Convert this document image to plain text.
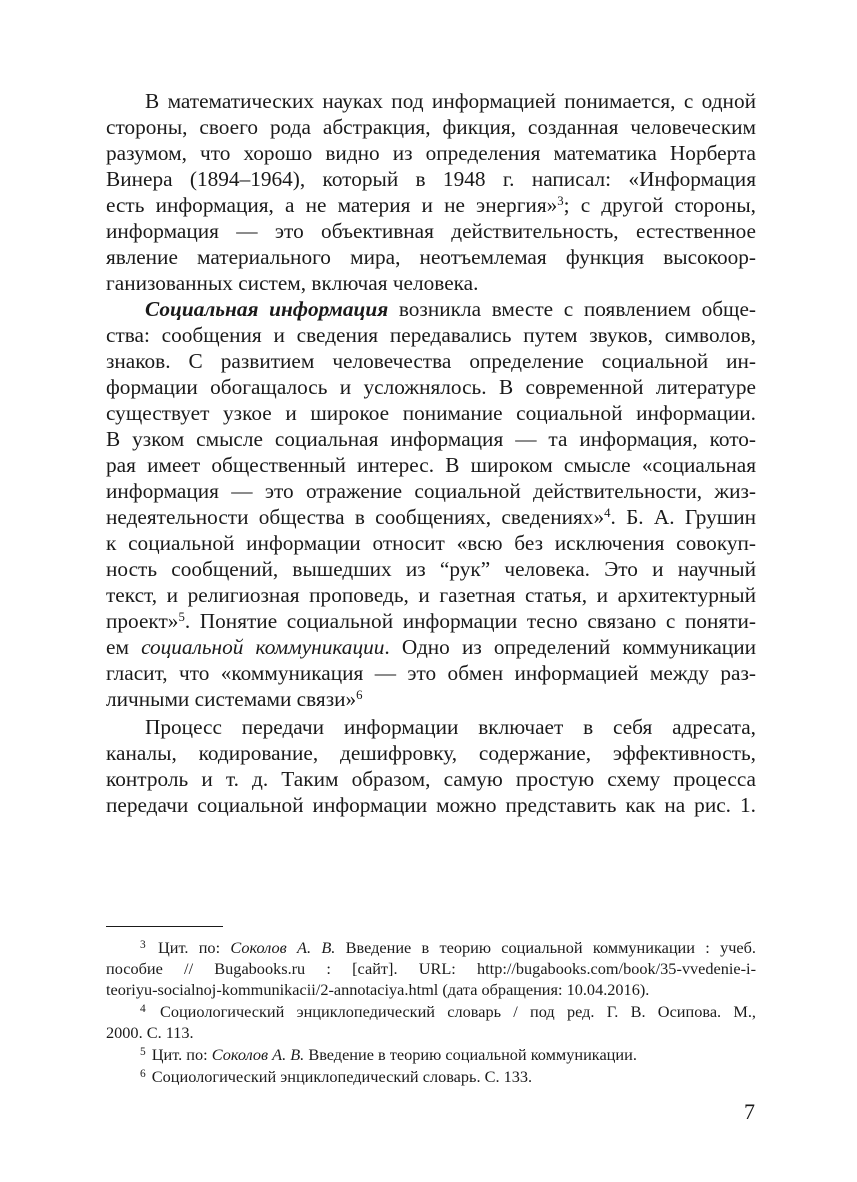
В математических науках под информацией понимается, с одной
стороны, своего рода абстракция, фикция, созданная человеческим
разумом, что хорошо видно из определения математика Норберта
Винера (1894–1964), который в 1948 г. написал: «Информация
есть информация, а не материя и не энергия»$^3$; с другой стороны,
информация — это объективная действительность, естественное
явление материального мира, неотъемлемая функция высокоор-
ганизованных систем, включая человека.
Социальная информация возникла вместе с появлением обще-
ства: сообщения и сведения передавались путем звуков, символов,
знаков. С развитием человечества определение социальной ин-
формации обогащалось и усложнялось. В современной литературе
существует узкое и широкое понимание социальной информации.
В узком смысле социальная информация — та информация, кото-
рая имеет общественный интерес. В широком смысле «социальная
информация — это отражение социальной действительности, жиз-
недеятельности общества в сообщениях, сведениях»$^4$. Б. А. Грушин
к социальной информации относит «всю без исключения совокуп-
ность сообщений, вышедших из “рук” человека. Это и научный
текст, и религиозная проповедь, и газетная статья, и архитектурный
проект»$^5$. Понятие социальной информации тесно связано с поняти-
ем социальной коммуникации. Одно из определений коммуникации
гласит, что «коммуникация — это обмен информацией между раз-
личными системами связи»$^6$
Процесс передачи информации включает в себя адресата,
каналы, кодирование, дешифровку, содержание, эффективность,
контроль и т. д. Таким образом, самую простую схему процесса
передачи социальной информации можно представить как на рис. 1.
$^3$ Цит. по: Соколов А. В. Введение в теорию социальной коммуникации : учеб.
пособие // Bugabooks.ru : [сайт]. URL: http://bugabooks.com/book/35-vvedenie-i-
teoriyu-socialnoj-kommunikacii/2-annotaciya.html (дата обращения: 10.04.2016).
$^4$ Социологический энциклопедический словарь / под ред. Г. В. Осипова. М.,
2000. С. 113.
$^5$ Цит. по: Соколов А. В. Введение в теорию социальной коммуникации.
$^6$ Социологический энциклопедический словарь. С. 133.
7
